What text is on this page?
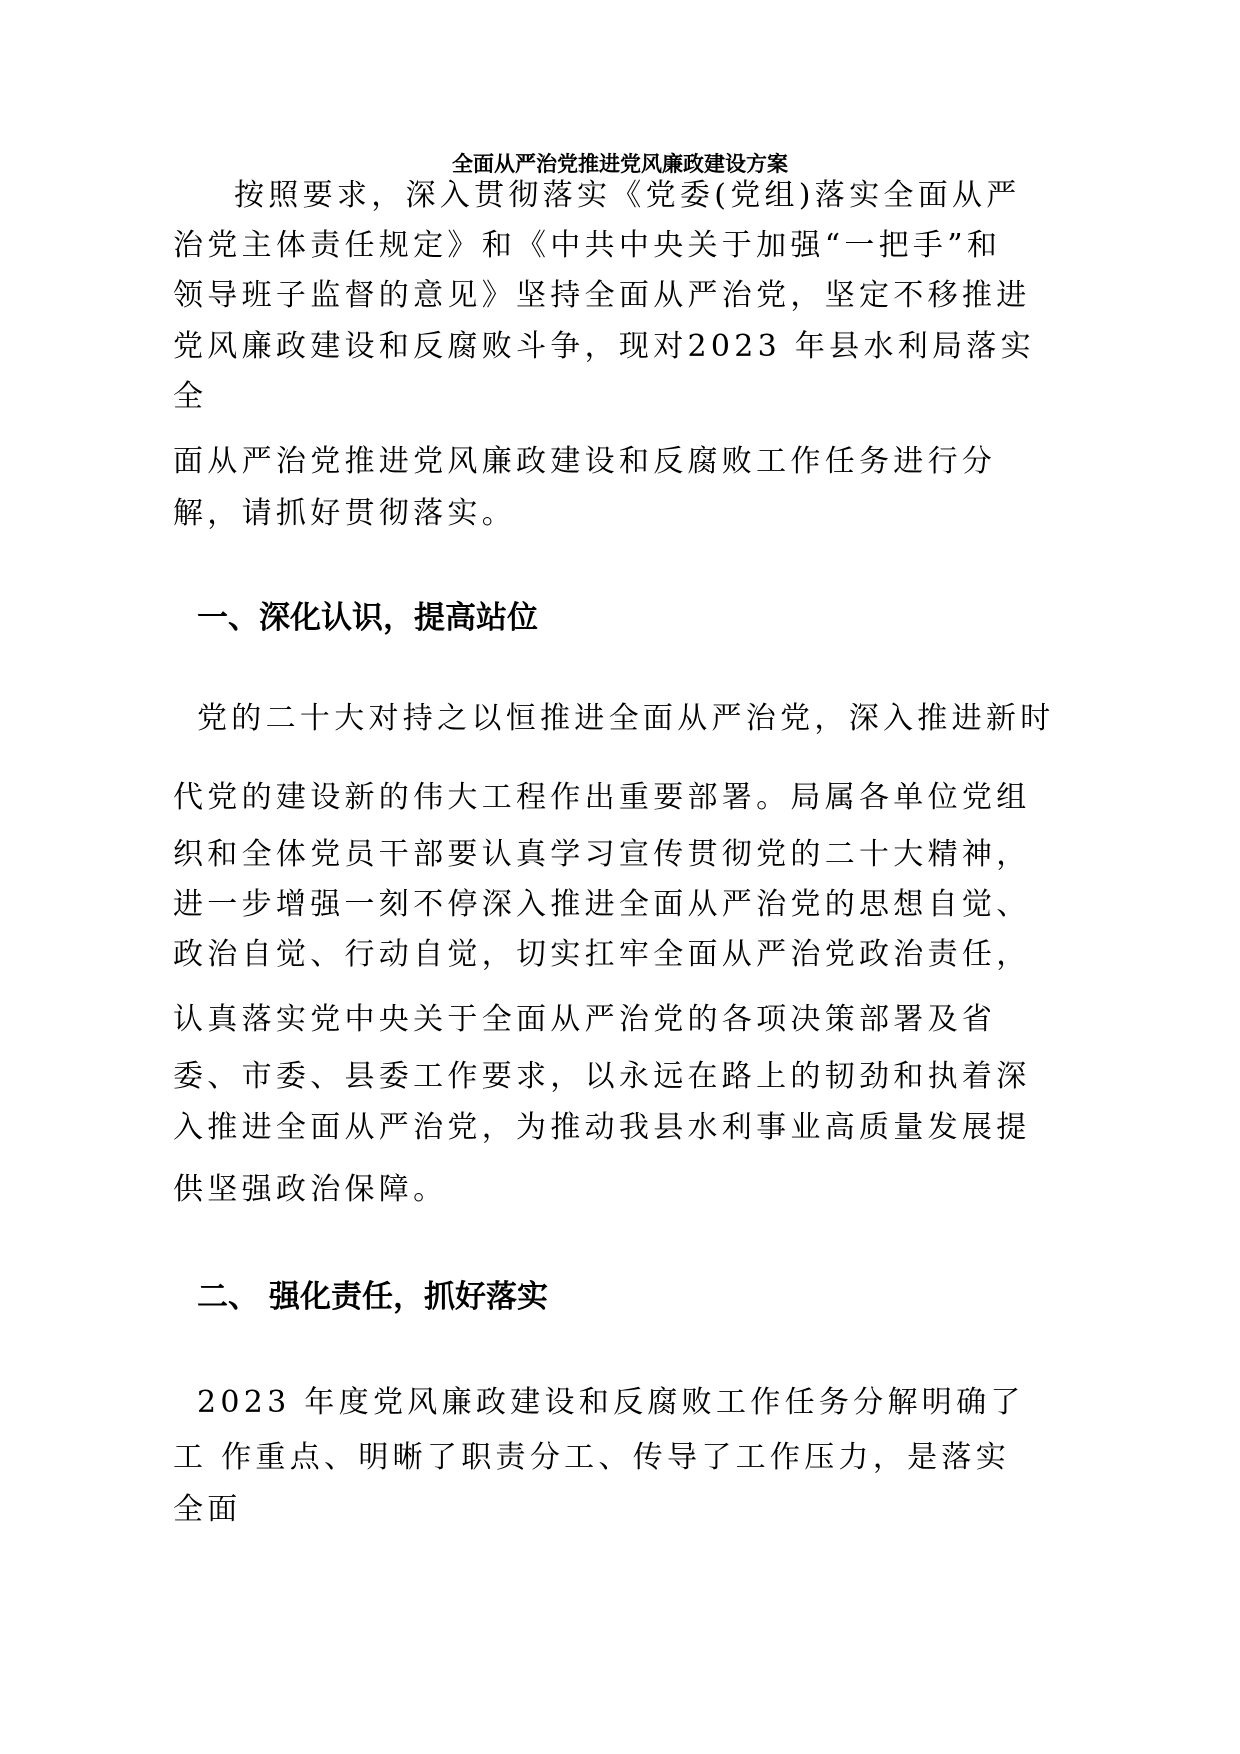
全面从严治党推进党风廉政建设方案
按照要求，深入贯彻落实《党委(党组)落实全面从严
治党主体责任规定》和《中共中央关于加强“一把手”和
领导班子监督的意见》坚持全面从严治党，坚定不移推进
党风廉政建设和反腐败斗争，现对2023 年县水利局落实
全
面从严治党推进党风廉政建设和反腐败工作任务进行分
解，请抓好贯彻落实。
一、深化认识，提高站位
党的二十大对持之以恒推进全面从严治党，深入推进新时
代党的建设新的伟大工程作出重要部署。局属各单位党组
织和全体党员干部要认真学习宣传贯彻党的二十大精神，
进一步增强一刻不停深入推进全面从严治党的思想自觉、
政治自觉、行动自觉，切实扛牢全面从严治党政治责任，
认真落实党中央关于全面从严治党的各项决策部署及省
委、市委、县委工作要求，以永远在路上的韧劲和执着深
入推进全面从严治党，为推动我县水利事业高质量发展提
供坚强政治保障。
二、 强化责任，抓好落实
2023 年度党风廉政建设和反腐败工作任务分解明确了
工 作重点、明晰了职责分工、传导了工作压力，是落实
全面
